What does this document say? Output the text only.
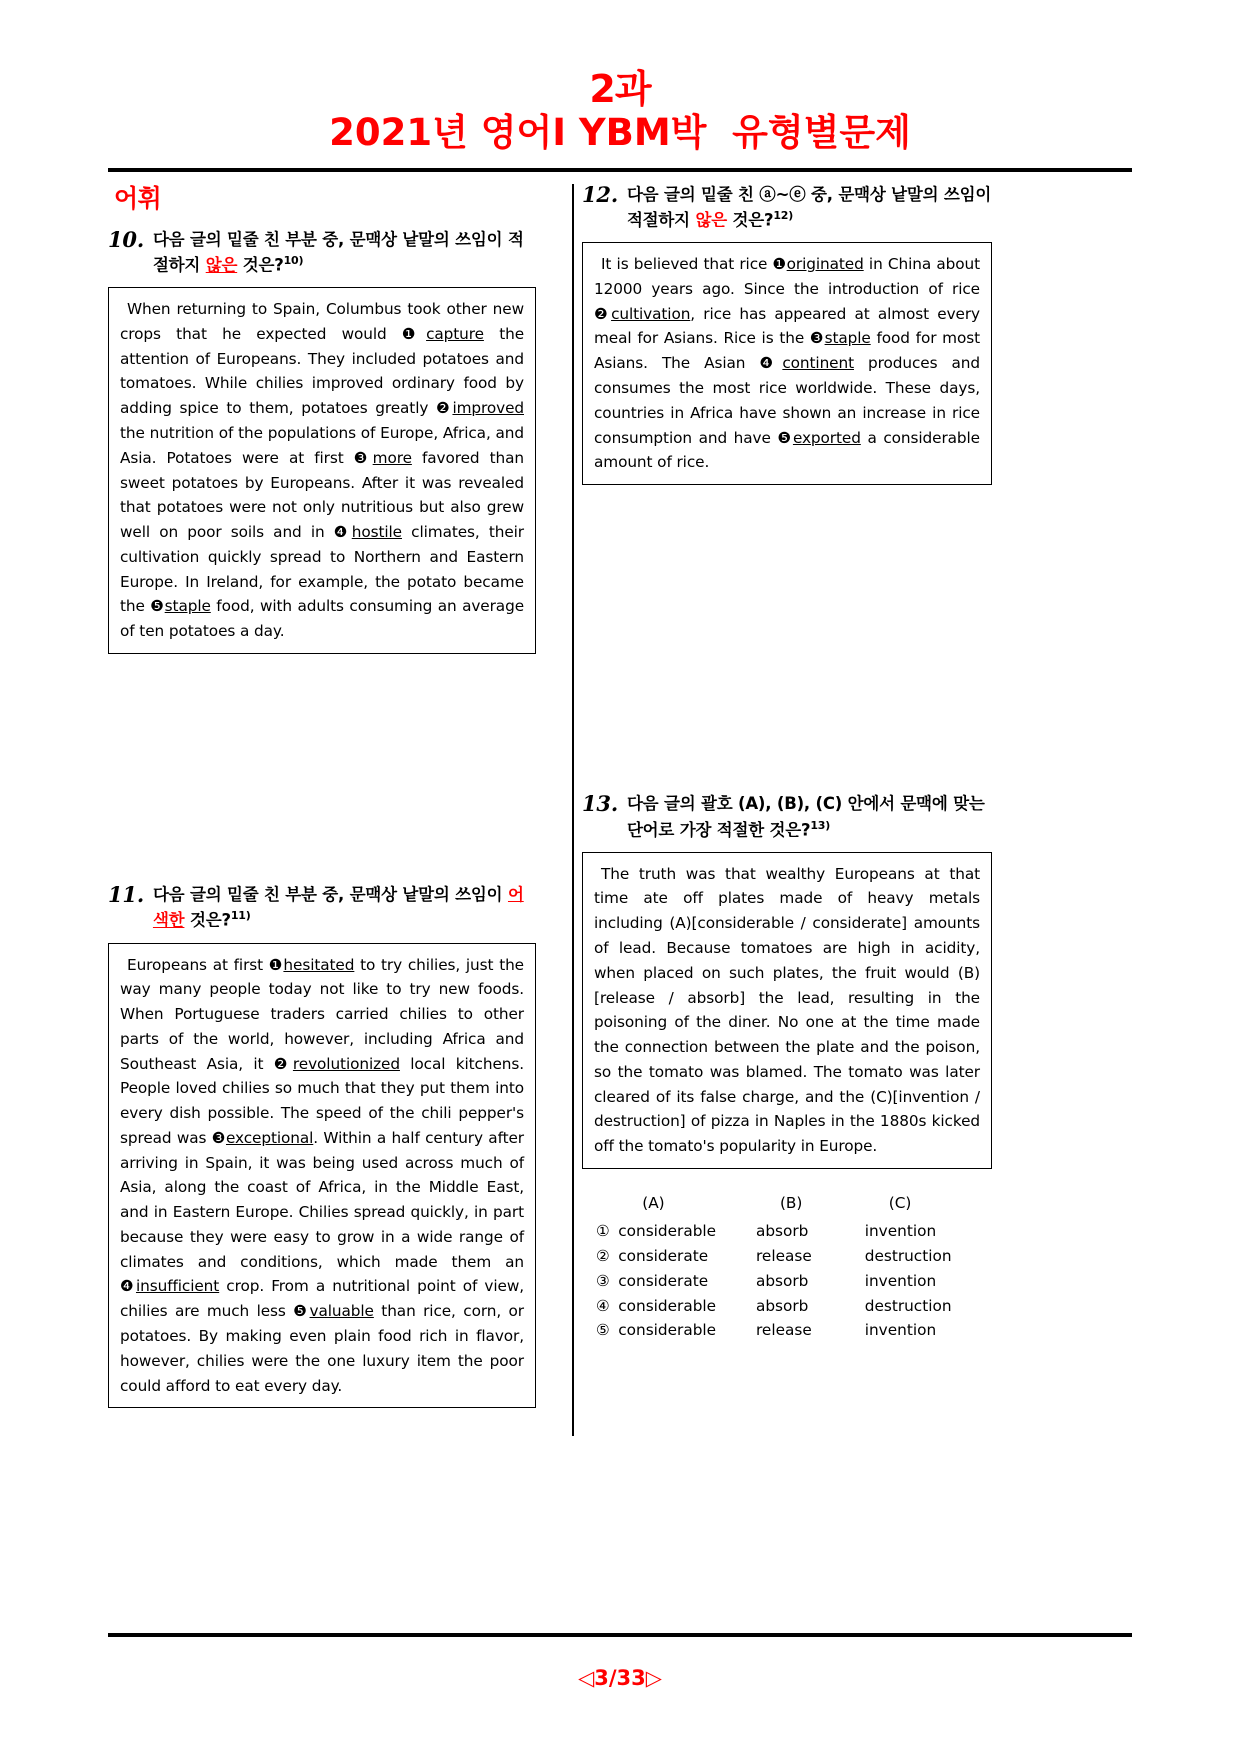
2과
2021년 영어Ⅰ YBM박  유형별문제
어휘
10. 다음 글의 밑줄 친 부분 중, 문맥상 낱말의 쓰임이 적절하지 않은 것은?$^{10)}$
When returning to Spain, Columbus took other new crops that he expected would ❶capture the attention of Europeans. They included potatoes and tomatoes. While chilies improved ordinary food by adding spice to them, potatoes greatly ❷improved the nutrition of the populations of Europe, Africa, and Asia. Potatoes were at first ❸more favored than sweet potatoes by Europeans. After it was revealed that potatoes were not only nutritious but also grew well on poor soils and in ❹hostile climates, their cultivation quickly spread to Northern and Eastern Europe. In Ireland, for example, the potato became the ❺staple food, with adults consuming an average of ten potatoes a day.
11. 다음 글의 밑줄 친 부분 중, 문맥상 낱말의 쓰임이 어색한 것은?$^{11)}$
Europeans at first ❶hesitated to try chilies, just the way many people today not like to try new foods. When Portuguese traders carried chilies to other parts of the world, however, including Africa and Southeast Asia, it ❷revolutionized local kitchens. People loved chilies so much that they put them into every dish possible. The speed of the chili pepper's spread was ❸exceptional. Within a half century after arriving in Spain, it was being used across much of Asia, along the coast of Africa, in the Middle East, and in Eastern Europe. Chilies spread quickly, in part because they were easy to grow in a wide range of climates and conditions, which made them an ❹insufficient crop. From a nutritional point of view, chilies are much less ❺valuable than rice, corn, or potatoes. By making even plain food rich in flavor, however, chilies were the one luxury item the poor could afford to eat every day.
12. 다음 글의 밑줄 친 ⓐ~ⓔ 중, 문맥상 낱말의 쓰임이 적절하지 않은 것은?$^{12)}$
It is believed that rice ❶originated in China about 12000 years ago. Since the introduction of rice ❷cultivation, rice has appeared at almost every meal for Asians. Rice is the ❸staple food for most Asians. The Asian ❹continent produces and consumes the most rice worldwide. These days, countries in Africa have shown an increase in rice consumption and have ❺exported a considerable amount of rice.
13. 다음 글의 괄호 (A), (B), (C) 안에서 문맥에 맞는단어로 가장 적절한 것은?$^{13)}$
The truth was that wealthy Europeans at that time ate off plates made of heavy metals including (A)[considerable / considerate] amounts of lead. Because tomatoes are high in acidity, when placed on such plates, the fruit would (B)[release / absorb] the lead, resulting in the poisoning of the diner. No one at the time made the connection between the plate and the poison, so the tomato was blamed. The tomato was later cleared of its false charge, and the (C)[invention / destruction] of pizza in Naples in the 1880s kicked off the tomato's popularity in Europe.
	(A)	(B)	(C)
①	considerable	absorb	invention
②	considerate	release	destruction
③	considerate	absorb	invention
④	considerable	absorb	destruction
⑤	considerable	release	invention
◁3/33▷
